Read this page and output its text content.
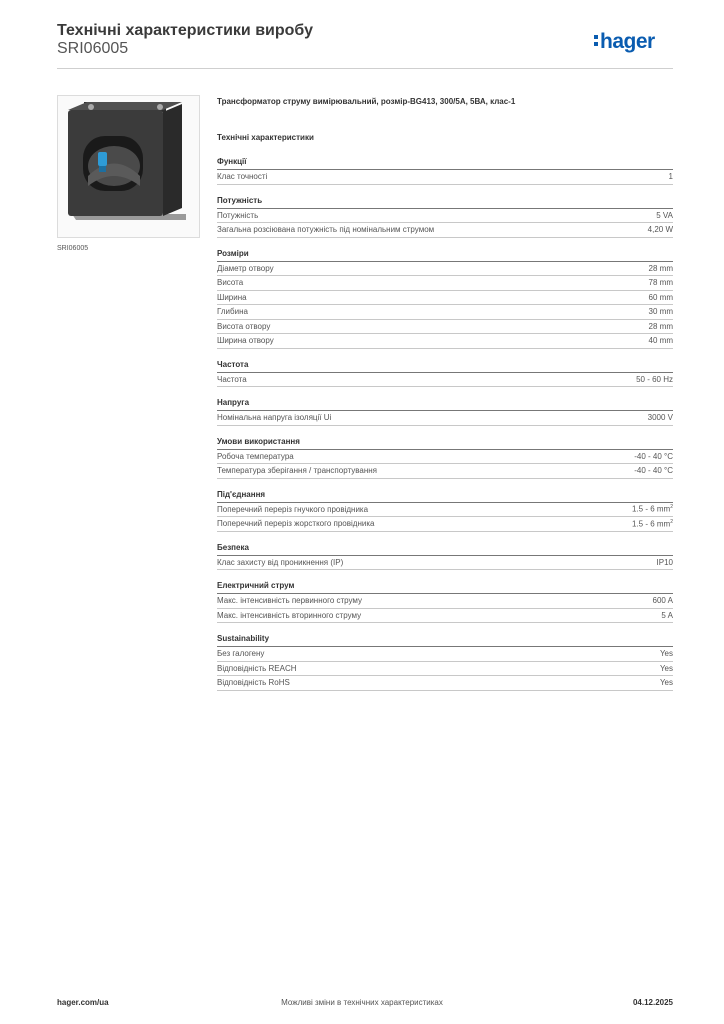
Технічні характеристики виробу
SRI06005	hager
SRI06005

Трансформатор струму вимірювальний, розмір-BG413, 300/5А, 5ВА, клас-1

Технічні характеристики
Функції
Клас точності	1
Потужність
Потужність	5 VA
Загальна розсіювана потужність під номінальним струмом	4,20 W
Розміри
Діаметр отвору	28 mm
Висота	78 mm
Ширина	60 mm
Глибина	30 mm
Висота отвору	28 mm
Ширина отвору	40 mm
Частота
Частота	50 - 60 Hz
Напруга
Номінальна напруга ізоляції Ui	3000 V
Умови використання
Робоча температура	-40 - 40 °C
Температура зберігання / транспортування	-40 - 40 °C
Під'єднання
Поперечний переріз гнучкого провідника	1.5 - 6 $mm^2$
Поперечний переріз жорсткого провідника	1.5 - 6 $mm^2$
Безпека
Клас захисту від проникнення (IP)	IP10
Електричний струм
Макс. інтенсивність первинного струму	600 A
Макс. інтенсивність вторинного струму	5 A
Sustainability
Без галогену	Yes
Відповідність REACH	Yes
Відповідність RoHS	Yes
hager.com/ua	Можливі зміни в технічних характеристиках	04.12.2025
